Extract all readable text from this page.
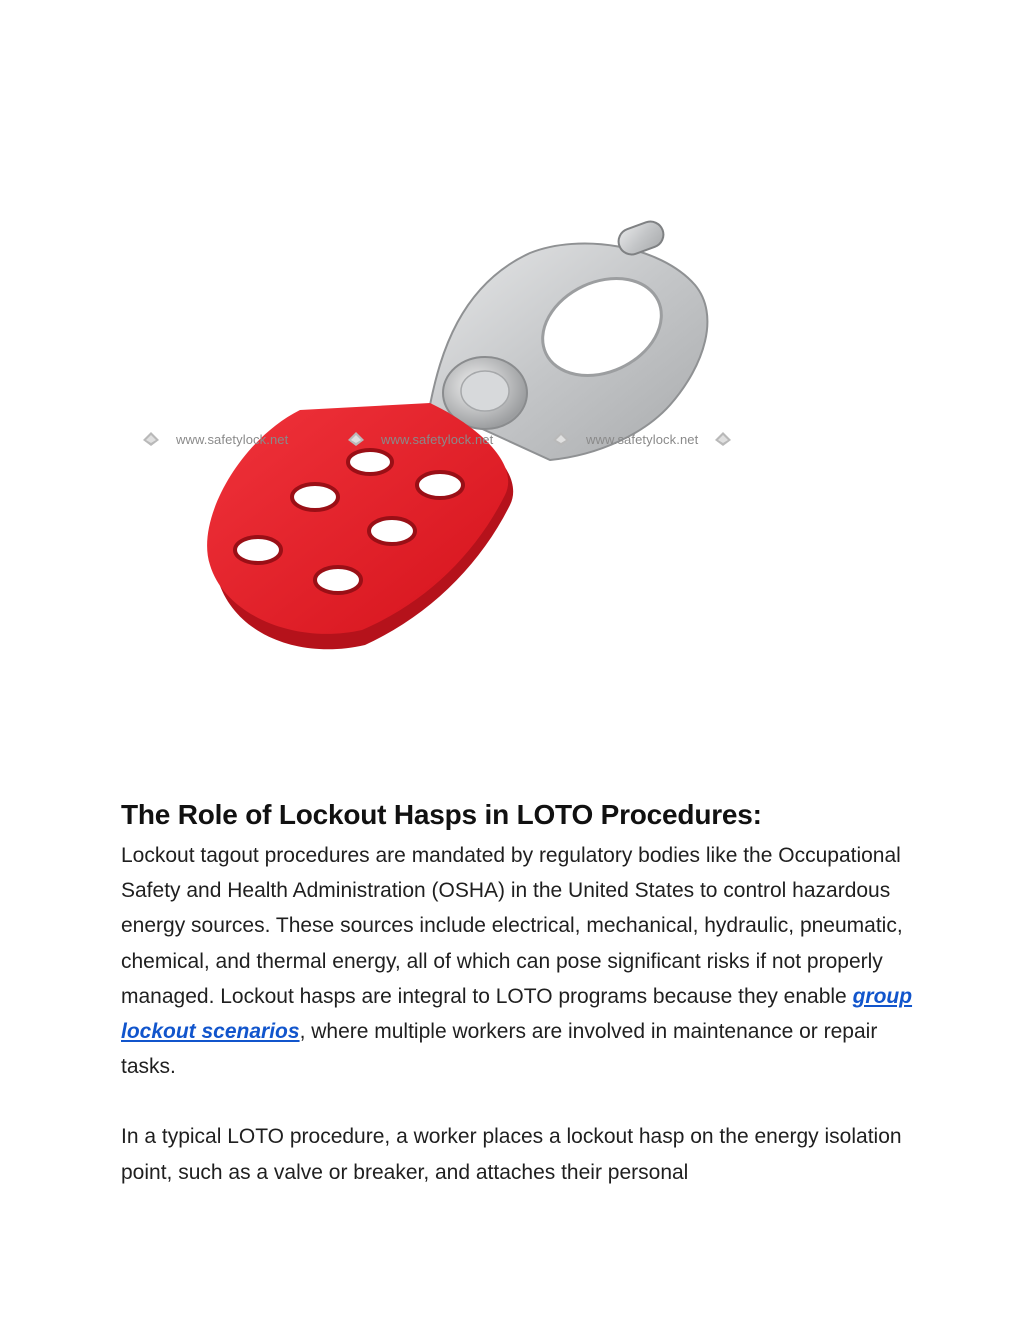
www.safetylock.net	www.safetylock.net	www.safetylock.net
The Role of Lockout Hasps in LOTO Procedures:

Lockout tagout procedures are mandated by regulatory bodies like the Occupational Safety and Health Administration (OSHA) in the United States to control hazardous energy sources. These sources include electrical, mechanical, hydraulic, pneumatic, chemical, and thermal energy, all of which can pose significant risks if not properly managed. Lockout hasps are integral to LOTO programs because they enable group lockout scenarios, where multiple workers are involved in maintenance or repair tasks.

In a typical LOTO procedure, a worker places a lockout hasp on the energy isolation point, such as a valve or breaker, and attaches their personal
